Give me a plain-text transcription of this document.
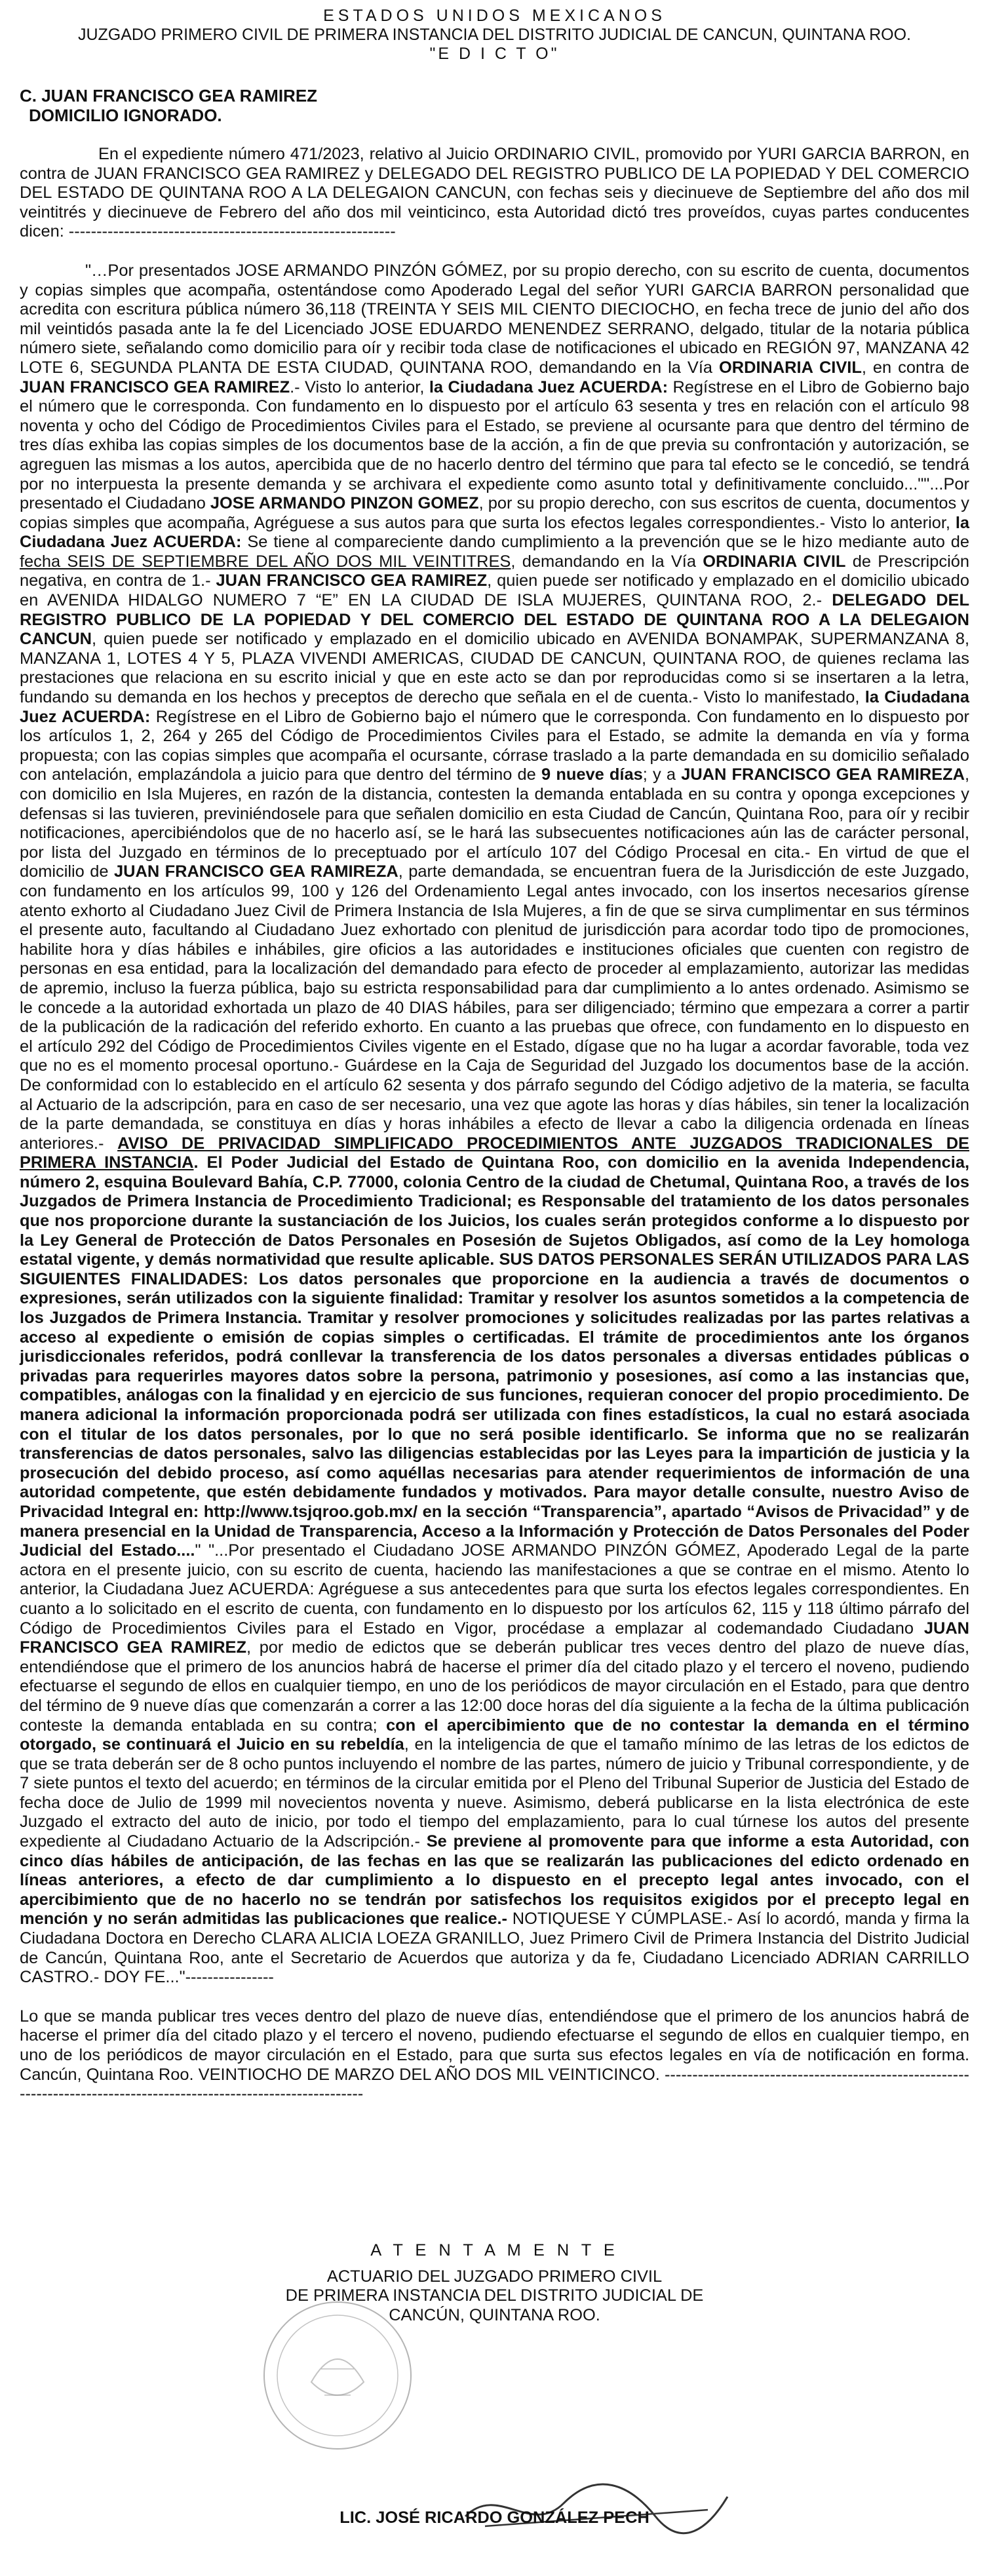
ESTADOS UNIDOS MEXICANOS
JUZGADO PRIMERO CIVIL DE PRIMERA INSTANCIA DEL DISTRITO JUDICIAL DE CANCUN, QUINTANA ROO.
"E D I C T O"
C. JUAN FRANCISCO GEA RAMIREZ
DOMICILIO IGNORADO.

En el expediente número 471/2023, relativo al Juicio ORDINARIO CIVIL, promovido por YURI GARCIA BARRON, en contra de JUAN FRANCISCO GEA RAMIREZ y DELEGADO DEL REGISTRO PUBLICO DE LA POPIEDAD Y DEL COMERCIO DEL ESTADO DE QUINTANA ROO A LA DELEGAION CANCUN, con fechas seis y diecinueve de Septiembre del año dos mil veintitrés y diecinueve de Febrero del año dos mil veinticinco, esta Autoridad dictó tres proveídos, cuyas partes conducentes dicen: -----------------------------------------------------------

"…Por presentados JOSE ARMANDO PINZÓN GÓMEZ, por su propio derecho, con su escrito de cuenta, documentos y copias simples que acompaña, ostentándose como Apoderado Legal del señor YURI GARCIA BARRON personalidad que acredita con escritura pública número 36,118 (TREINTA Y SEIS MIL CIENTO DIECIOCHO, en fecha trece de junio del año dos mil veintidós pasada ante la fe del Licenciado JOSE EDUARDO MENENDEZ SERRANO, delgado, titular de la notaria pública número siete, señalando como domicilio para oír y recibir toda clase de notificaciones el ubicado en REGIÓN 97, MANZANA 42 LOTE 6, SEGUNDA PLANTA DE ESTA CIUDAD, QUINTANA ROO, demandando en la Vía ORDINARIA CIVIL, en contra de JUAN FRANCISCO GEA RAMIREZ.- Visto lo anterior, la Ciudadana Juez ACUERDA: Regístrese en el Libro de Gobierno bajo el número que le corresponda. Con fundamento en lo dispuesto por el artículo 63 sesenta y tres en relación con el artículo 98 noventa y ocho del Código de Procedimientos Civiles para el Estado, se previene al ocursante para que dentro del término de tres días exhiba las copias simples de los documentos base de la acción, a fin de que previa su confrontación y autorización, se agreguen las mismas a los autos, apercibida que de no hacerlo dentro del término que para tal efecto se le concedió, se tendrá por no interpuesta la presente demanda y se archivara el expediente como asunto total y definitivamente concluido...""...Por presentado el Ciudadano JOSE ARMANDO PINZON GOMEZ, por su propio derecho, con sus escritos de cuenta, documentos y copias simples que acompaña, Agréguese a sus autos para que surta los efectos legales correspondientes.- Visto lo anterior, la Ciudadana Juez ACUERDA: Se tiene al compareciente dando cumplimiento a la prevención que se le hizo mediante auto de fecha SEIS DE SEPTIEMBRE DEL AÑO DOS MIL VEINTITRES, demandando en la Vía ORDINARIA CIVIL de Prescripción negativa, en contra de 1.- JUAN FRANCISCO GEA RAMIREZ, quien puede ser notificado y emplazado en el domicilio ubicado en AVENIDA HIDALGO NUMERO 7 “E” EN LA CIUDAD DE ISLA MUJERES, QUINTANA ROO, 2.- DELEGADO DEL REGISTRO PUBLICO DE LA POPIEDAD Y DEL COMERCIO DEL ESTADO DE QUINTANA ROO A LA DELEGAION CANCUN, quien puede ser notificado y emplazado en el domicilio ubicado en AVENIDA BONAMPAK, SUPERMANZANA 8, MANZANA 1, LOTES 4 Y 5, PLAZA VIVENDI AMERICAS, CIUDAD DE CANCUN, QUINTANA ROO, de quienes reclama las prestaciones que relaciona en su escrito inicial y que en este acto se dan por reproducidas como si se insertaren a la letra, fundando su demanda en los hechos y preceptos de derecho que señala en el de cuenta.- Visto lo manifestado, la Ciudadana Juez ACUERDA: Regístrese en el Libro de Gobierno bajo el número que le corresponda. Con fundamento en lo dispuesto por los artículos 1, 2, 264 y 265 del Código de Procedimientos Civiles para el Estado, se admite la demanda en vía y forma propuesta; con las copias simples que acompaña el ocursante, córrase traslado a la parte demandada en su domicilio señalado con antelación, emplazándola a juicio para que dentro del término de 9 nueve días; y a JUAN FRANCISCO GEA RAMIREZA, con domicilio en Isla Mujeres, en razón de la distancia, contesten la demanda entablada en su contra y oponga excepciones y defensas si las tuvieren, previniéndosele para que señalen domicilio en esta Ciudad de Cancún, Quintana Roo, para oír y recibir notificaciones, apercibiéndolos que de no hacerlo así, se le hará las subsecuentes notificaciones aún las de carácter personal, por lista del Juzgado en términos de lo preceptuado por el artículo 107 del Código Procesal en cita.- En virtud de que el domicilio de JUAN FRANCISCO GEA RAMIREZA, parte demandada, se encuentran fuera de la Jurisdicción de este Juzgado, con fundamento en los artículos 99, 100 y 126 del Ordenamiento Legal antes invocado, con los insertos necesarios gírense atento exhorto al Ciudadano Juez Civil de Primera Instancia de Isla Mujeres, a fin de que se sirva cumplimentar en sus términos el presente auto, facultando al Ciudadano Juez exhortado con plenitud de jurisdicción para acordar todo tipo de promociones, habilite hora y días hábiles e inhábiles, gire oficios a las autoridades e instituciones oficiales que cuenten con registro de personas en esa entidad, para la localización del demandado para efecto de proceder al emplazamiento, autorizar las medidas de apremio, incluso la fuerza pública, bajo su estricta responsabilidad para dar cumplimiento a lo antes ordenado. Asimismo se le concede a la autoridad exhortada un plazo de 40 DIAS hábiles, para ser diligenciado; término que empezara a correr a partir de la publicación de la radicación del referido exhorto. En cuanto a las pruebas que ofrece, con fundamento en lo dispuesto en el artículo 292 del Código de Procedimientos Civiles vigente en el Estado, dígase que no ha lugar a acordar favorable, toda vez que no es el momento procesal oportuno.- Guárdese en la Caja de Seguridad del Juzgado los documentos base de la acción. De conformidad con lo establecido en el artículo 62 sesenta y dos párrafo segundo del Código adjetivo de la materia, se faculta al Actuario de la adscripción, para en caso de ser necesario, una vez que agote las horas y días hábiles, sin tener la localización de la parte demandada, se constituya en días y horas inhábiles a efecto de llevar a cabo la diligencia ordenada en líneas anteriores.- AVISO DE PRIVACIDAD SIMPLIFICADO PROCEDIMIENTOS ANTE JUZGADOS TRADICIONALES DE PRIMERA INSTANCIA. El Poder Judicial del Estado de Quintana Roo, con domicilio en la avenida Independencia, número 2, esquina Boulevard Bahía, C.P. 77000, colonia Centro de la ciudad de Chetumal, Quintana Roo, a través de los Juzgados de Primera Instancia de Procedimiento Tradicional; es Responsable del tratamiento de los datos personales que nos proporcione durante la sustanciación de los Juicios, los cuales serán protegidos conforme a lo dispuesto por la Ley General de Protección de Datos Personales en Posesión de Sujetos Obligados, así como de la Ley homologa estatal vigente, y demás normatividad que resulte aplicable. SUS DATOS PERSONALES SERÁN UTILIZADOS PARA LAS SIGUIENTES FINALIDADES: Los datos personales que proporcione en la audiencia a través de documentos o expresiones, serán utilizados con la siguiente finalidad: Tramitar y resolver los asuntos sometidos a la competencia de los Juzgados de Primera Instancia. Tramitar y resolver promociones y solicitudes realizadas por las partes relativas a acceso al expediente o emisión de copias simples o certificadas. El trámite de procedimientos ante los órganos jurisdiccionales referidos, podrá conllevar la transferencia de los datos personales a diversas entidades públicas o privadas para requerirles mayores datos sobre la persona, patrimonio y posesiones, así como a las instancias que, compatibles, análogas con la finalidad y en ejercicio de sus funciones, requieran conocer del propio procedimiento. De manera adicional la información proporcionada podrá ser utilizada con fines estadísticos, la cual no estará asociada con el titular de los datos personales, por lo que no será posible identificarlo. Se informa que no se realizarán transferencias de datos personales, salvo las diligencias establecidas por las Leyes para la impartición de justicia y la prosecución del debido proceso, así como aquéllas necesarias para atender requerimientos de información de una autoridad competente, que estén debidamente fundados y motivados. Para mayor detalle consulte, nuestro Aviso de Privacidad Integral en: http://www.tsjqroo.gob.mx/ en la sección “Transparencia”, apartado “Avisos de Privacidad” y de manera presencial en la Unidad de Transparencia, Acceso a la Información y Protección de Datos Personales del Poder Judicial del Estado...." "...Por presentado el Ciudadano JOSE ARMANDO PINZÓN GÓMEZ, Apoderado Legal de la parte actora en el presente juicio, con su escrito de cuenta, haciendo las manifestaciones a que se contrae en el mismo. Atento lo anterior, la Ciudadana Juez ACUERDA: Agréguese a sus antecedentes para que surta los efectos legales correspondientes. En cuanto a lo solicitado en el escrito de cuenta, con fundamento en lo dispuesto por los artículos 62, 115 y 118 último párrafo del Código de Procedimientos Civiles para el Estado en Vigor, procédase a emplazar al codemandado Ciudadano JUAN FRANCISCO GEA RAMIREZ, por medio de edictos que se deberán publicar tres veces dentro del plazo de nueve días, entendiéndose que el primero de los anuncios habrá de hacerse el primer día del citado plazo y el tercero el noveno, pudiendo efectuarse el segundo de ellos en cualquier tiempo, en uno de los periódicos de mayor circulación en el Estado, para que dentro del término de 9 nueve días que comenzarán a correr a las 12:00 doce horas del día siguiente a la fecha de la última publicación conteste la demanda entablada en su contra; con el apercibimiento que de no contestar la demanda en el término otorgado, se continuará el Juicio en su rebeldía, en la inteligencia de que el tamaño mínimo de las letras de los edictos de que se trata deberán ser de 8 ocho puntos incluyendo el nombre de las partes, número de juicio y Tribunal correspondiente, y de 7 siete puntos el texto del acuerdo; en términos de la circular emitida por el Pleno del Tribunal Superior de Justicia del Estado de fecha doce de Julio de 1999 mil novecientos noventa y nueve. Asimismo, deberá publicarse en la lista electrónica de este Juzgado el extracto del auto de inicio, por todo el tiempo del emplazamiento, para lo cual túrnese los autos del presente expediente al Ciudadano Actuario de la Adscripción.- Se previene al promovente para que informe a esta Autoridad, con cinco días hábiles de anticipación, de las fechas en las que se realizarán las publicaciones del edicto ordenado en líneas anteriores, a efecto de dar cumplimiento a lo dispuesto en el precepto legal antes invocado, con el apercibimiento que de no hacerlo no se tendrán por satisfechos los requisitos exigidos por el precepto legal en mención y no serán admitidas las publicaciones que realice.- NOTIQUESE Y CÚMPLASE.- Así lo acordó, manda y firma la Ciudadana Doctora en Derecho CLARA ALICIA LOEZA GRANILLO, Juez Primero Civil de Primera Instancia del Distrito Judicial de Cancún, Quintana Roo, ante el Secretario de Acuerdos que autoriza y da fe, Ciudadano Licenciado ADRIAN CARRILLO CASTRO.- DOY FE..."----------------

Lo que se manda publicar tres veces dentro del plazo de nueve días, entendiéndose que el primero de los anuncios habrá de hacerse el primer día del citado plazo y el tercero el noveno, pudiendo efectuarse el segundo de ellos en cualquier tiempo, en uno de los periódicos de mayor circulación en el Estado, para que surta sus efectos legales en vía de notificación en forma. Cancún, Quintana Roo. VEINTIOCHO DE MARZO DEL AÑO DOS MIL VEINTICINCO. ---------------------------------------------------------------------------------------------------------------------

A T E N T A M E N T E
ACTUARIO DEL JUZGADO PRIMERO CIVIL
DE PRIMERA INSTANCIA DEL DISTRITO JUDICIAL DE
CANCÚN, QUINTANA ROO.
LIC. JOSÉ RICARDO GONZÁLEZ PECH
